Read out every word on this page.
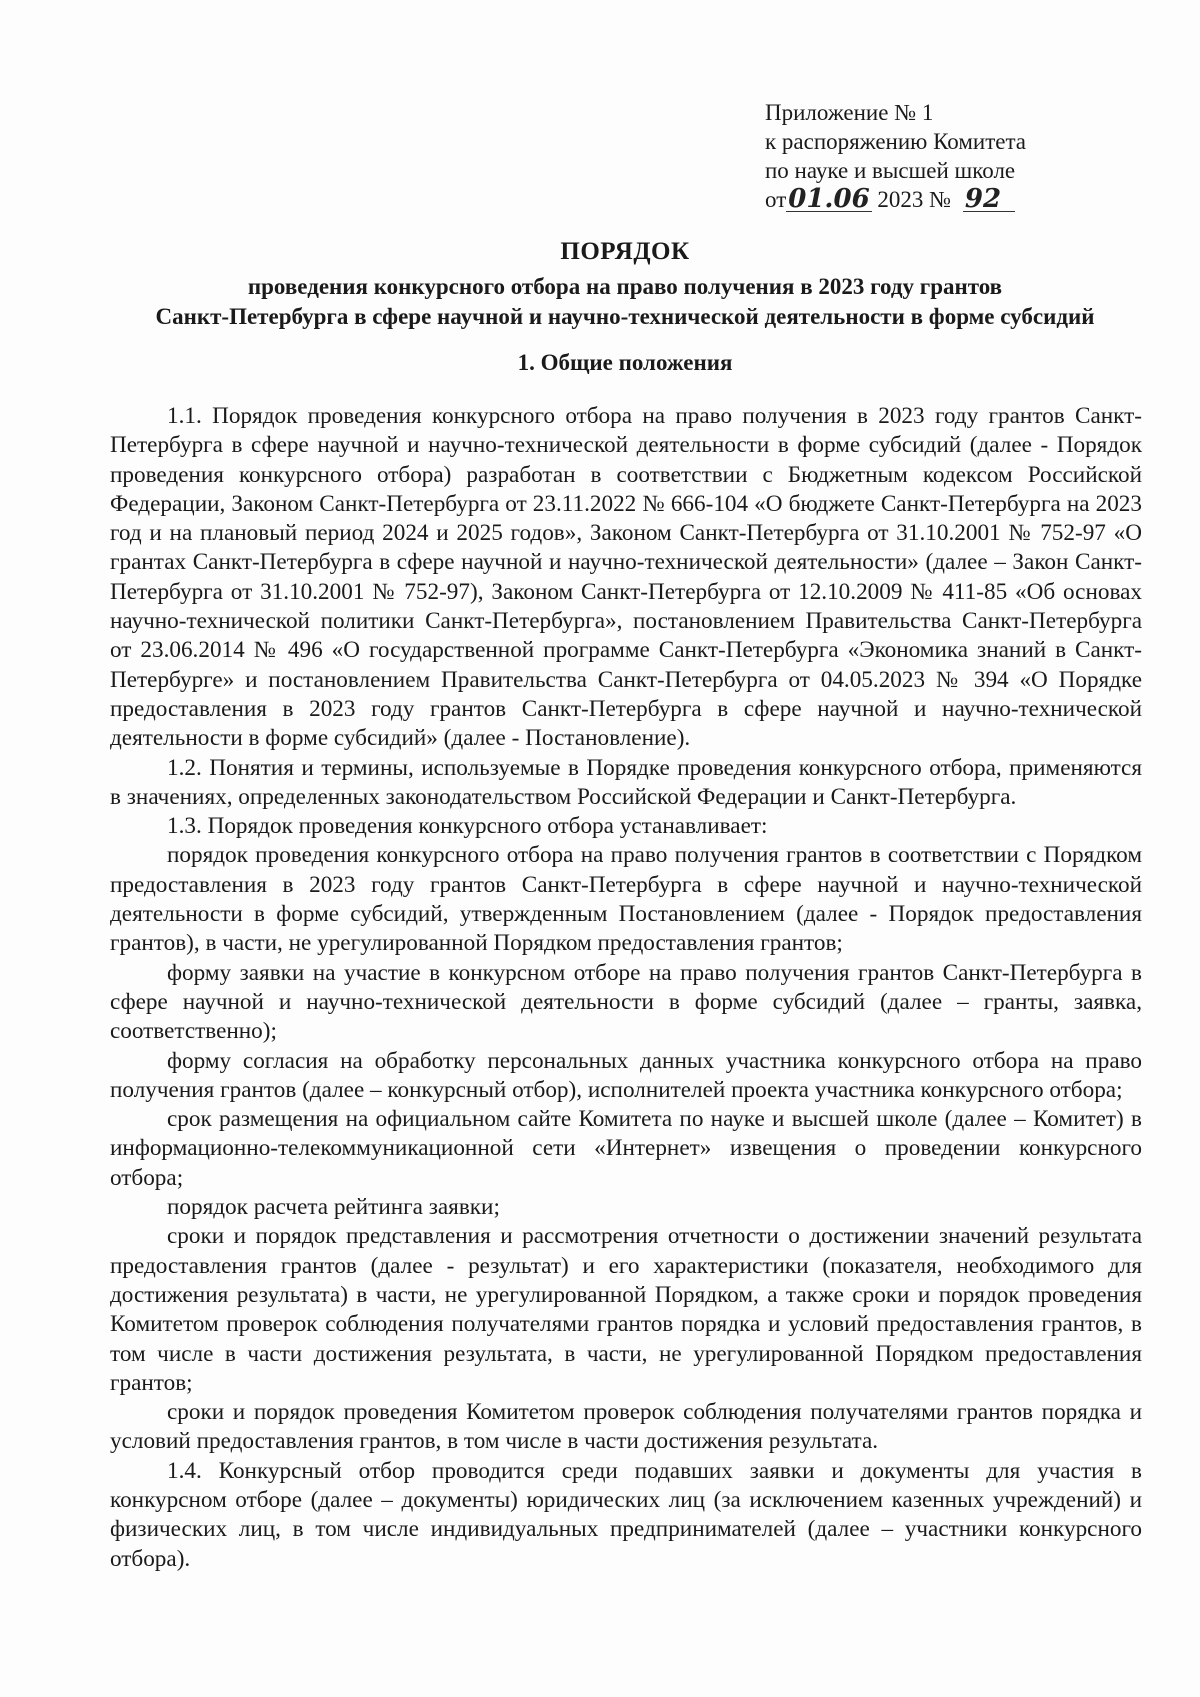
Приложение № 1
к распоряжению Комитета
по науке и высшей школе
от01.06 2023 № 92
ПОРЯДОК
проведения конкурсного отбора на право получения в 2023 году грантов
Санкт-Петербурга в сфере научной и научно-технической деятельности в форме субсидий
1. Общие положения

1.1. Порядок проведения конкурсного отбора на право получения в 2023 году грантов Санкт-Петербурга в сфере научной и научно-технической деятельности в форме субсидий (далее - Порядок проведения конкурсного отбора) разработан в соответствии с Бюджетным кодексом Российской Федерации, Законом Санкт-Петербурга от 23.11.2022 № 666-104 «О бюджете Санкт-Петербурга на 2023 год и на плановый период 2024 и 2025 годов», Законом Санкт-Петербурга от 31.10.2001 № 752-97 «О грантах Санкт-Петербурга в сфере научной и научно-технической деятельности» (далее – Закон Санкт-Петербурга от 31.10.2001 № 752-97), Законом Санкт-Петербурга от 12.10.2009 № 411-85 «Об основах научно-технической политики Санкт-Петербурга», постановлением Правительства Санкт-Петербурга от 23.06.2014 № 496 «О государственной программе Санкт-Петербурга «Экономика знаний в Санкт-Петербурге» и постановлением Правительства Санкт-Петербурга от 04.05.2023 № 394 «О Порядке предоставления в 2023 году грантов Санкт-Петербурга в сфере научной и научно-технической деятельности в форме субсидий» (далее - Постановление).

1.2. Понятия и термины, используемые в Порядке проведения конкурсного отбора, применяются в значениях, определенных законодательством Российской Федерации и Санкт-Петербурга.

1.3. Порядок проведения конкурсного отбора устанавливает:

порядок проведения конкурсного отбора на право получения грантов в соответствии с Порядком предоставления в 2023 году грантов Санкт-Петербурга в сфере научной и научно-технической деятельности в форме субсидий, утвержденным Постановлением (далее - Порядок предоставления грантов), в части, не урегулированной Порядком предоставления грантов;

форму заявки на участие в конкурсном отборе на право получения грантов Санкт-Петербурга в сфере научной и научно-технической деятельности в форме субсидий (далее – гранты, заявка, соответственно);

форму согласия на обработку персональных данных участника конкурсного отбора на право получения грантов (далее – конкурсный отбор), исполнителей проекта участника конкурсного отбора;

срок размещения на официальном сайте Комитета по науке и высшей школе (далее – Комитет) в информационно-телекоммуникационной сети «Интернет» извещения о проведении конкурсного отбора;

порядок расчета рейтинга заявки;

сроки и порядок представления и рассмотрения отчетности о достижении значений результата предоставления грантов (далее - результат) и его характеристики (показателя, необходимого для достижения результата) в части, не урегулированной Порядком, а также сроки и порядок проведения Комитетом проверок соблюдения получателями грантов порядка и условий предоставления грантов, в том числе в части достижения результата, в части, не урегулированной Порядком предоставления грантов;

сроки и порядок проведения Комитетом проверок соблюдения получателями грантов порядка и условий предоставления грантов, в том числе в части достижения результата.

1.4. Конкурсный отбор проводится среди подавших заявки и документы для участия в конкурсном отборе (далее – документы) юридических лиц (за исключением казенных учреждений) и физических лиц, в том числе индивидуальных предпринимателей (далее – участники конкурсного отбора).
